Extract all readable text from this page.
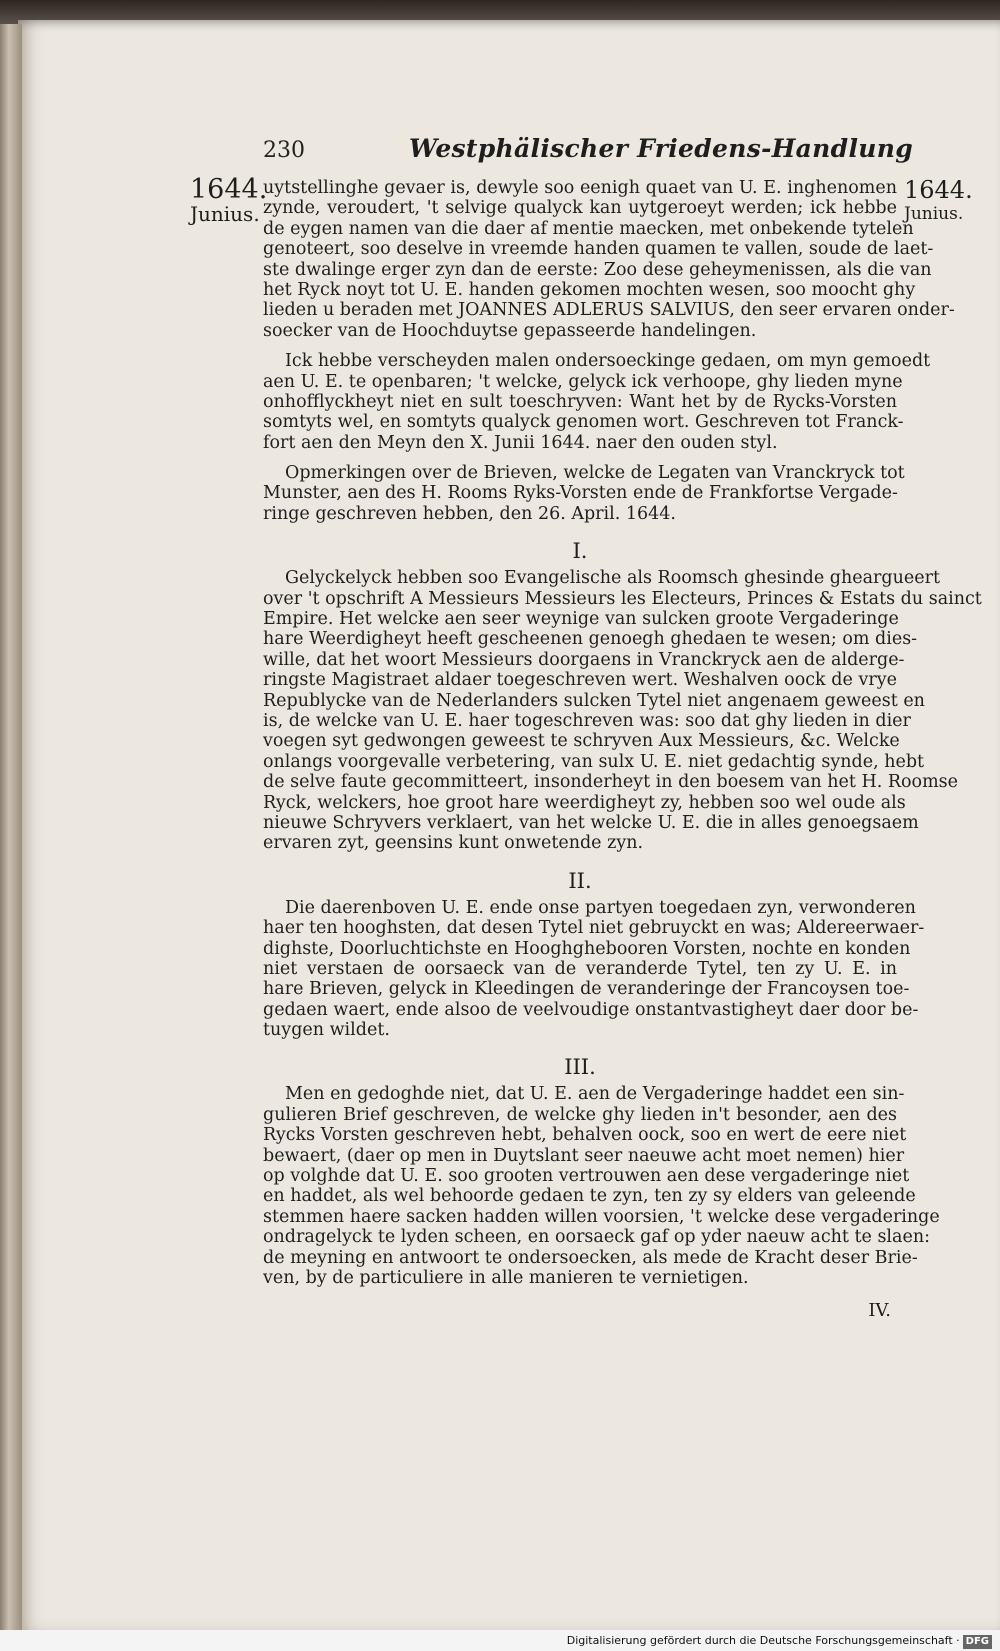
230	Westphälischer Friedens-Handlung
1644.
Junius.
1644.
Junius.
uytstellinghe gevaer is, dewyle soo eenigh quaet van U. E. inghenomen
zynde, veroudert, 't selvige qualyck kan uytgeroeyt werden; ick hebbe
de eygen namen van die daer af mentie maecken, met onbekende tytelen
genoteert, soo deselve in vreemde handen quamen te vallen, soude de laet-
ste dwalinge erger zyn dan de eerste: Zoo dese geheymenissen, als die van
het Ryck noyt tot U. E. handen gekomen mochten wesen, soo moocht ghy
lieden u beraden met JOANNES ADLERUS SALVIUS, den seer ervaren onder-
soecker van de Hoochduytse gepasseerde handelingen.
Ick hebbe verscheyden malen ondersoeckinge gedaen, om myn gemoedt
aen U. E. te openbaren; 't welcke, gelyck ick verhoope, ghy lieden myne
onhofflyckheyt niet en sult toeschryven: Want het by de Rycks-Vorsten
somtyts wel, en somtyts qualyck genomen wort. Geschreven tot Franck-
fort aen den Meyn den X. Junii 1644. naer den ouden styl.
Opmerkingen over de Brieven, welcke de Legaten van Vranckryck tot
Munster, aen des H. Rooms Ryks-Vorsten ende de Frankfortse Vergade-
ringe geschreven hebben, den 26. April. 1644.
I.
Gelyckelyck hebben soo Evangelische als Roomsch ghesinde gheargueert
over 't opschrift A Messieurs Messieurs les Electeurs, Princes & Estats du sainct
Empire. Het welcke aen seer weynige van sulcken groote Vergaderinge
hare Weerdigheyt heeft gescheenen genoegh ghedaen te wesen; om dies-
wille, dat het woort Messieurs doorgaens in Vranckryck aen de alderge-
ringste Magistraet aldaer toegeschreven wert. Weshalven oock de vrye
Republycke van de Nederlanders sulcken Tytel niet angenaem geweest en
is, de welcke van U. E. haer togeschreven was: soo dat ghy lieden in dier
voegen syt gedwongen geweest te schryven Aux Messieurs, &c. Welcke
onlangs voorgevalle verbetering, van sulx U. E. niet gedachtig synde, hebt
de selve faute gecommitteert, insonderheyt in den boesem van het H. Roomse
Ryck, welckers, hoe groot hare weerdigheyt zy, hebben soo wel oude als
nieuwe Schryvers verklaert, van het welcke U. E. die in alles genoegsaem
ervaren zyt, geensins kunt onwetende zyn.
II.
Die daerenboven U. E. ende onse partyen toegedaen zyn, verwonderen
haer ten hooghsten, dat desen Tytel niet gebruyckt en was; Aldereerwaer-
dighste, Doorluchtichste en Hooghghebooren Vorsten, nochte en konden
niet verstaen de oorsaeck van de veranderde Tytel, ten zy U. E. in
hare Brieven, gelyck in Kleedingen de veranderinge der Francoysen toe-
gedaen waert, ende alsoo de veelvoudige onstantvastigheyt daer door be-
tuygen wildet.
III.
Men en gedoghde niet, dat U. E. aen de Vergaderinge haddet een sin-
gulieren Brief geschreven, de welcke ghy lieden in't besonder, aen des
Rycks Vorsten geschreven hebt, behalven oock, soo en wert de eere niet
bewaert, (daer op men in Duytslant seer naeuwe acht moet nemen) hier
op volghde dat U. E. soo grooten vertrouwen aen dese vergaderinge niet
en haddet, als wel behoorde gedaen te zyn, ten zy sy elders van geleende
stemmen haere sacken hadden willen voorsien, 't welcke dese vergaderinge
ondragelyck te lyden scheen, en oorsaeck gaf op yder naeuw acht te slaen:
de meyning en antwoort te ondersoecken, als mede de Kracht deser Brie-
ven, by de particuliere in alle manieren te vernietigen.
IV.
Digitalisierung gefördert durch die Deutsche Forschungsgemeinschaft · DFG
